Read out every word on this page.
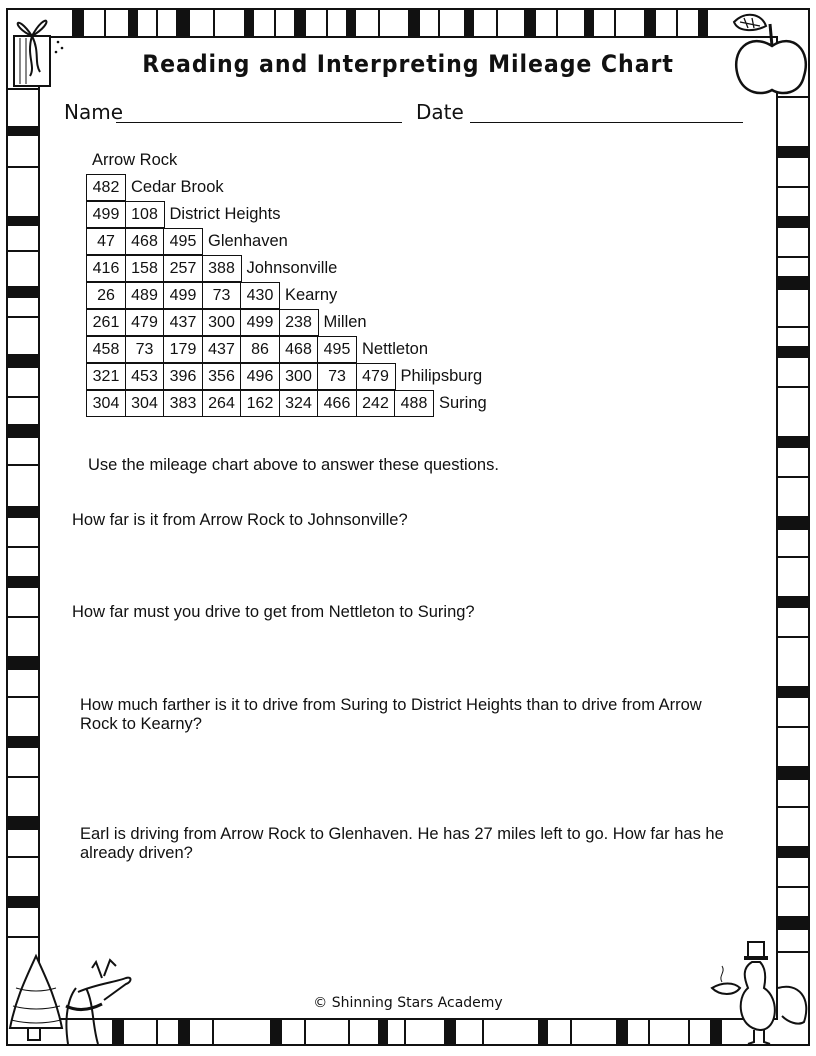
Reading and Interpreting Mileage Chart
Name	Date
Arrow Rock
482 Cedar Brook
499 108 District Heights
47	468 495 Glenhaven
416 158 257 388 Johnsonville
26	489 499	73	430 Kearny
261 479 437 300 499 238 Millen
458	73	179 437	86	468 495 Nettleton
321 453 396 356 496 300	73	479 Philipsburg
304 304 383 264 162 324 466 242 488 Suring
Use the mileage chart above to answer these questions.
How far is it from Arrow Rock to Johnsonville?
How far must you drive to get from Nettleton to Suring?
How much farther is it to drive from Suring to District Heights than to drive from Arrow Rock to Kearny?
Earl is driving from Arrow Rock to Glenhaven. He has 27 miles left to go. How far has he already driven?
© Shinning Stars Academy
